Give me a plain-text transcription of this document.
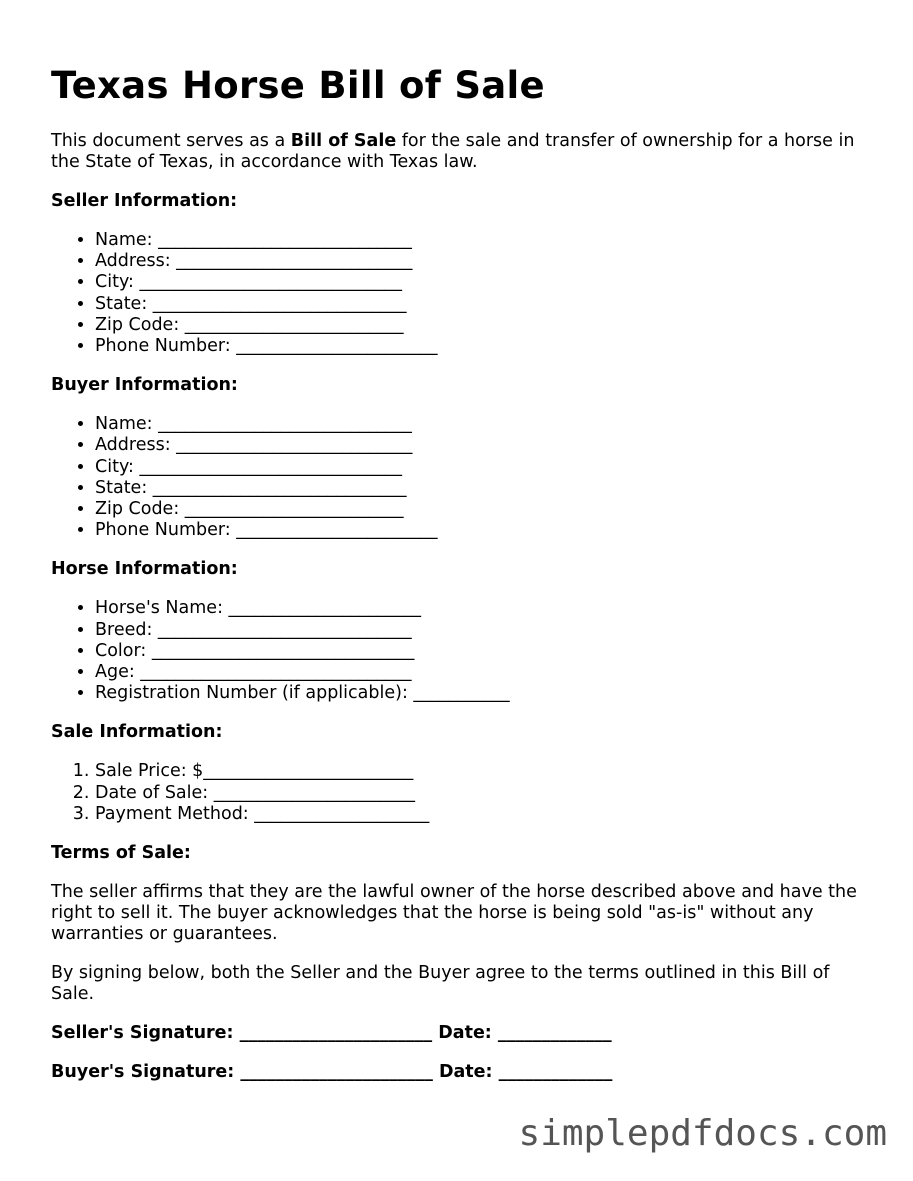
Texas Horse Bill of Sale

This document serves as a Bill of Sale for the sale and transfer of ownership for a horse in the State of Texas, in accordance with Texas law.

Seller Information:
• Name: _____________________________
• Address: ___________________________
• City: ______________________________
• State: _____________________________
• Zip Code: _________________________
• Phone Number: _______________________
Buyer Information:
• Name: _____________________________
• Address: ___________________________
• City: ______________________________
• State: _____________________________
• Zip Code: _________________________
• Phone Number: _______________________
Horse Information:
• Horse's Name: ______________________
• Breed: _____________________________
• Color: ______________________________
• Age: _______________________________
• Registration Number (if applicable): ___________
Sale Information:
1. Sale Price: $________________________
2. Date of Sale: _______________________
3. Payment Method: ____________________
Terms of Sale:

The seller affirms that they are the lawful owner of the horse described above and have the right to sell it. The buyer acknowledges that the horse is being sold "as-is" without any warranties or guarantees.

By signing below, both the Seller and the Buyer agree to the terms outlined in this Bill of Sale.

Seller's Signature: ______________________ Date: _____________
Buyer's Signature: ______________________ Date: _____________
simplepdfdocs.com
